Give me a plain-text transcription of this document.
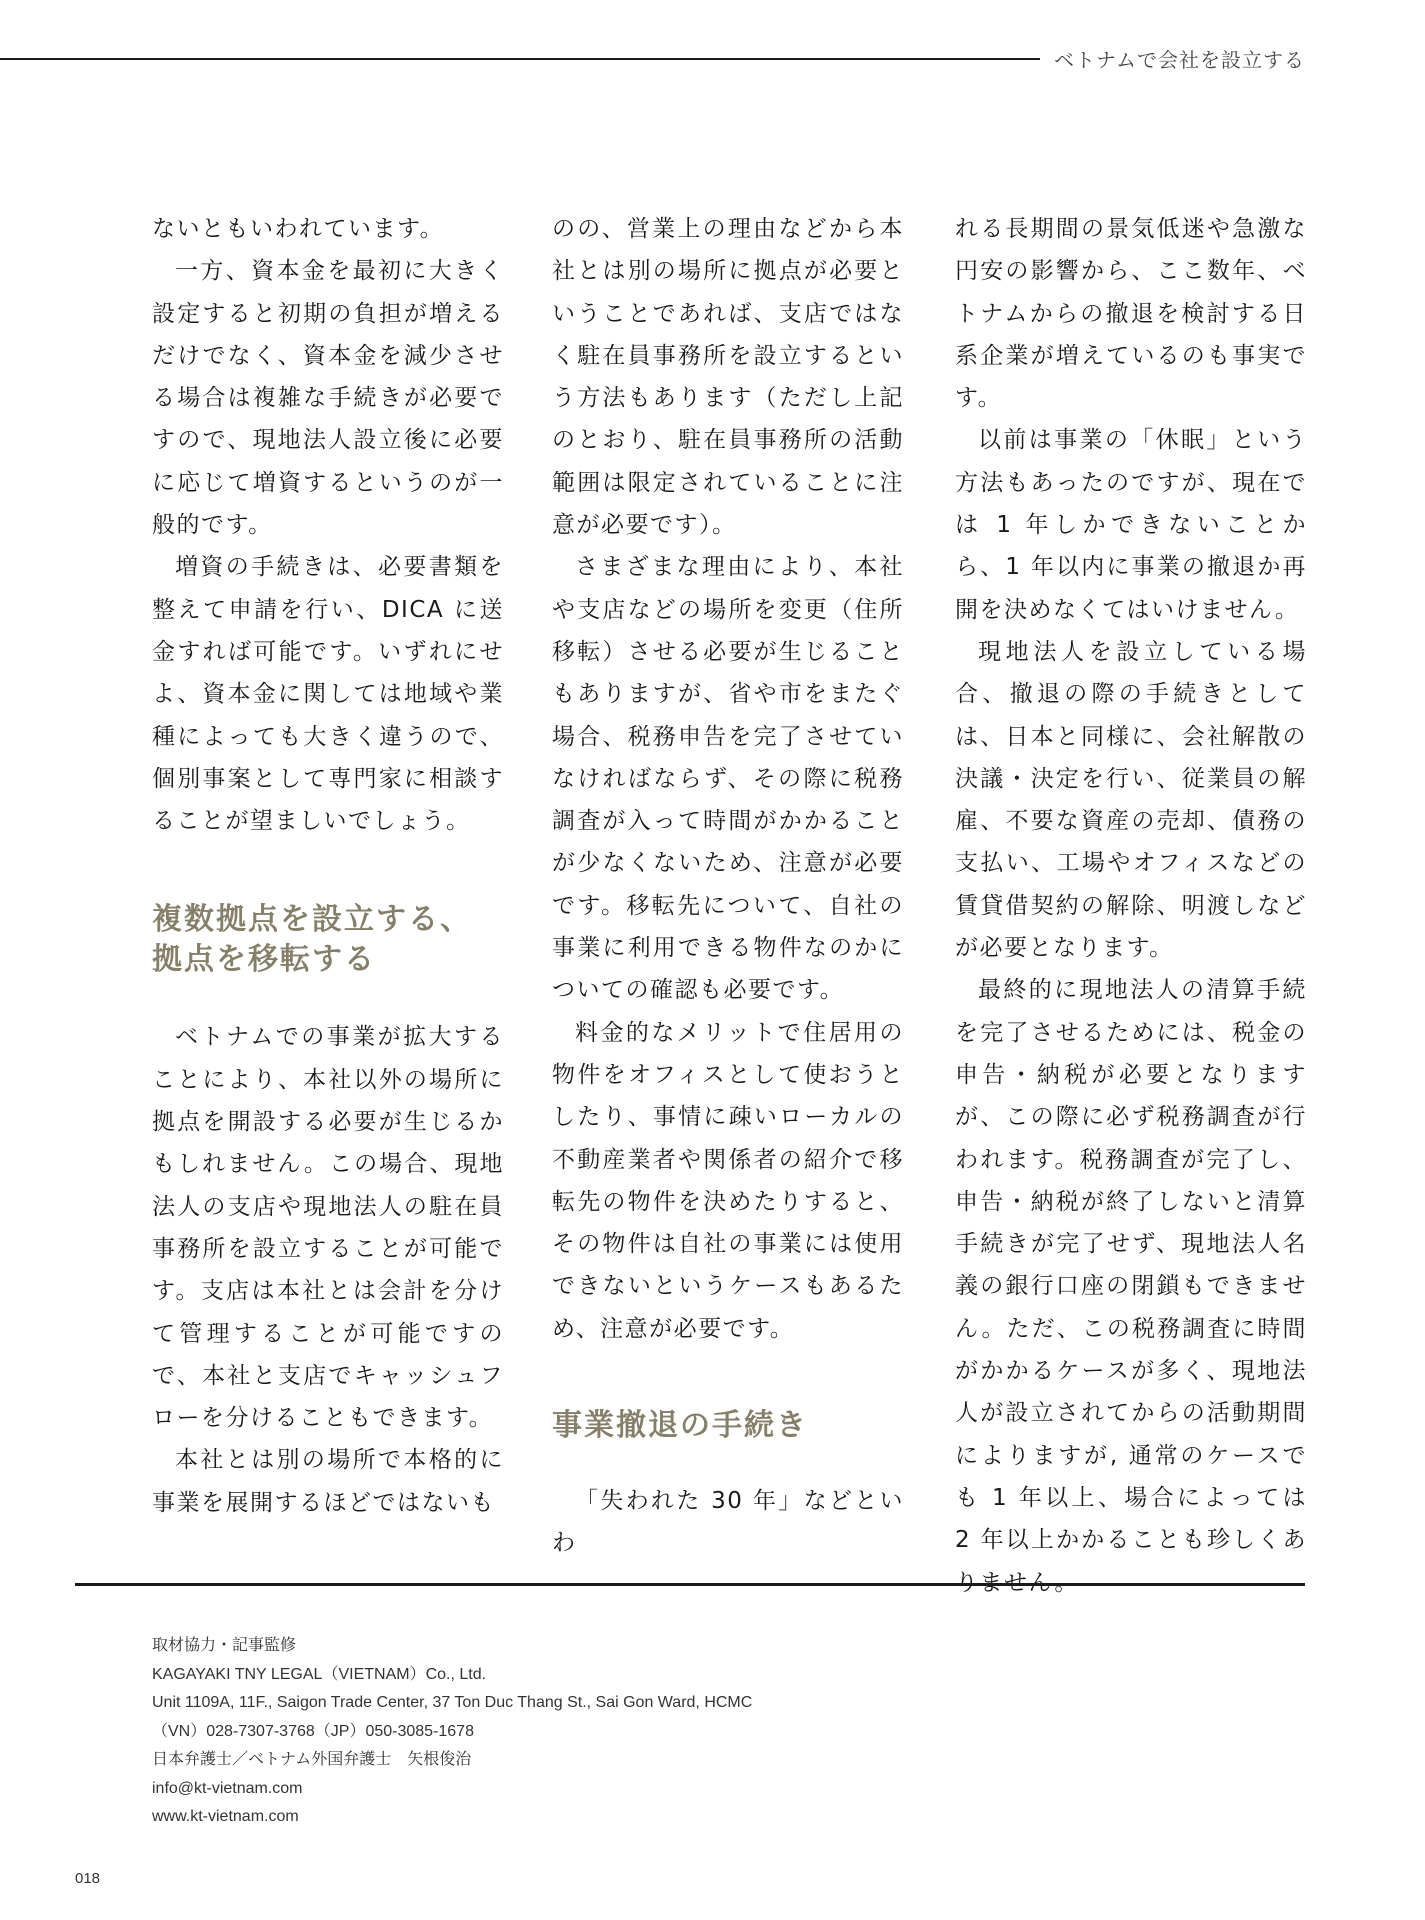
ベトナムで会社を設立する

ないともいわれています。

一方、資本金を最初に大きく設定すると初期の負担が増えるだけでなく、資本金を減少させる場合は複雑な手続きが必要ですので、現地法人設立後に必要に応じて増資するというのが一般的です。

増資の手続きは、必要書類を整えて申請を行い、DICA に送金すれば可能です。いずれにせよ、資本金に関しては地域や業種によっても大きく違うので、個別事案として専門家に相談することが望ましいでしょう。

複数拠点を設立する、
拠点を移転する

ベトナムでの事業が拡大することにより、本社以外の場所に拠点を開設する必要が生じるかもしれません。この場合、現地法人の支店や現地法人の駐在員事務所を設立することが可能です。支店は本社とは会計を分けて管理することが可能ですので、本社と支店でキャッシュフローを分けることもできます。

本社とは別の場所で本格的に事業を展開するほどではないも

のの、営業上の理由などから本社とは別の場所に拠点が必要ということであれば、支店ではなく駐在員事務所を設立するという方法もあります（ただし上記のとおり、駐在員事務所の活動範囲は限定されていることに注意が必要です）。

さまざまな理由により、本社や支店などの場所を変更（住所移転）させる必要が生じることもありますが、省や市をまたぐ場合、税務申告を完了させていなければならず、その際に税務調査が入って時間がかかることが少なくないため、注意が必要です。移転先について、自社の事業に利用できる物件なのかについての確認も必要です。

料金的なメリットで住居用の物件をオフィスとして使おうとしたり、事情に疎いローカルの不動産業者や関係者の紹介で移転先の物件を決めたりすると、その物件は自社の事業には使用できないというケースもあるため、注意が必要です。

事業撤退の手続き

「失われた 30 年」などといわ

れる長期間の景気低迷や急激な円安の影響から、ここ数年、ベトナムからの撤退を検討する日系企業が増えているのも事実です。

以前は事業の「休眠」という方法もあったのですが、現在では 1 年しかできないことから、1 年以内に事業の撤退か再開を決めなくてはいけません。

現地法人を設立している場合、撤退の際の手続きとしては、日本と同様に、会社解散の決議・決定を行い、従業員の解雇、不要な資産の売却、債務の支払い、工場やオフィスなどの賃貸借契約の解除、明渡しなどが必要となります。

最終的に現地法人の清算手続を完了させるためには、税金の申告・納税が必要となりますが、この際に必ず税務調査が行われます。税務調査が完了し、申告・納税が終了しないと清算手続きが完了せず、現地法人名義の銀行口座の閉鎖もできません。ただ、この税務調査に時間がかかるケースが多く、現地法人が設立されてからの活動期間によりますが, 通常のケースでも 1 年以上、場合によっては 2 年以上かかることも珍しくありません。

取材協力・記事監修
KAGAYAKI TNY LEGAL（VIETNAM）Co., Ltd.
Unit 1109A, 11F., Saigon Trade Center, 37 Ton Duc Thang St., Sai Gon Ward, HCMC
（VN）028-7307-3768（JP）050-3085-1678
日本弁護士／ベトナム外国弁護士　矢根俊治
info@kt-vietnam.com
www.kt-vietnam.com
018
